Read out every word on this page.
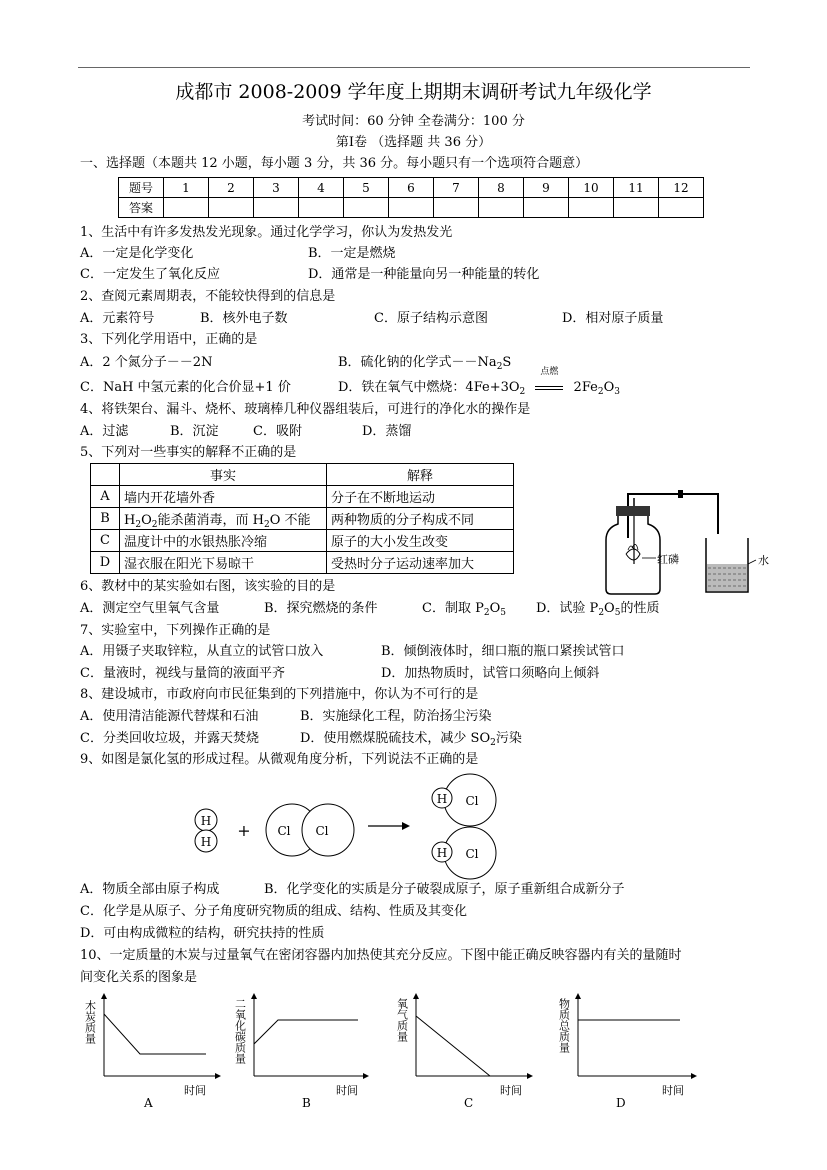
成都市 2008-2009 学年度上期期末调研考试九年级化学
考试时间：60 分钟 全卷满分：100 分
第Ⅰ卷 （选择题 共 36 分）
一、选择题（本题共 12 小题，每小题 3 分，共 36 分。每小题只有一个选项符合题意）
题号	1	2	3	4	5	6	7	8	9	10	11	12
答案												
1、生活中有许多发热发光现象。通过化学学习，你认为发热发光
A．一定是化学变化	B．一定是燃烧
C．一定发生了氧化反应	D．通常是一种能量向另一种能量的转化
2、查阅元素周期表，不能较快得到的信息是
A．元素符号	B．核外电子数	C．原子结构示意图	D．相对原子质量
3、下列化学用语中，正确的是
A．2 个氮分子－－2N	B．硫化钠的化学式$--Na_2S$
C．NaH 中氢元素的化合价显+1 价	D．铁在氧气中燃烧：$4Fe+3O_2$
点燃
$2Fe_2O_3$
4、将铁架台、漏斗、烧杯、玻璃棒几种仪器组装后，可进行的净化水的操作是
A．过滤	B．沉淀	C．吸附	D．蒸馏
5、下列对一些事实的解释不正确的是
	事实	解释
A	墙内开花墙外香	分子在不断地运动
B	$H_2O_2$能杀菌消毒，而 $H_2O$ 不能	两种物质的分子构成不同
C	温度计中的水银热胀冷缩	原子的大小发生改变
D	湿衣服在阳光下易晾干	受热时分子运动速率加大	红磷	水
6、教材中的某实验如右图，该实验的目的是
A．测定空气里氧气含量	B．探究燃烧的条件	C．制取 $P_2O_5$ D．试验 $P_2O_5$的性质
7、实验室中，下列操作正确的是
A．用镊子夹取锌粒，从直立的试管口放入	B．倾倒液体时，细口瓶的瓶口紧挨试管口
C．量液时，视线与量筒的液面平齐	D．加热物质时，试管口须略向上倾斜
8、建设城市，市政府向市民征集到的下列措施中，你认为不可行的是
A．使用清洁能源代替煤和石油	B．实施绿化工程，防治扬尘污染
C．分类回收垃圾，并露天焚烧	D．使用燃煤脱硫技术，减少 $SO_2$污染
9、如图是氯化氢的形成过程。从微观角度分析，下列说法不正确的是
H
H
+ Cl Cl
H Cl
H Cl
A．物质全部由原子构成	B．化学变化的实质是分子破裂成原子，原子重新组合成新分子
C．化学是从原子、分子角度研究物质的组成、结构、性质及其变化
D．可由构成微粒的结构，研究扶持的性质
10、一定质量的木炭与过量氧气在密闭容器内加热使其充分反应。下图中能正确反映容器内有关的量随时
间变化关系的图象是
木炭质量
时间
A
二氧化碳质量
时间
B
氧气质量
时间
C
物质总质量
时间
D
